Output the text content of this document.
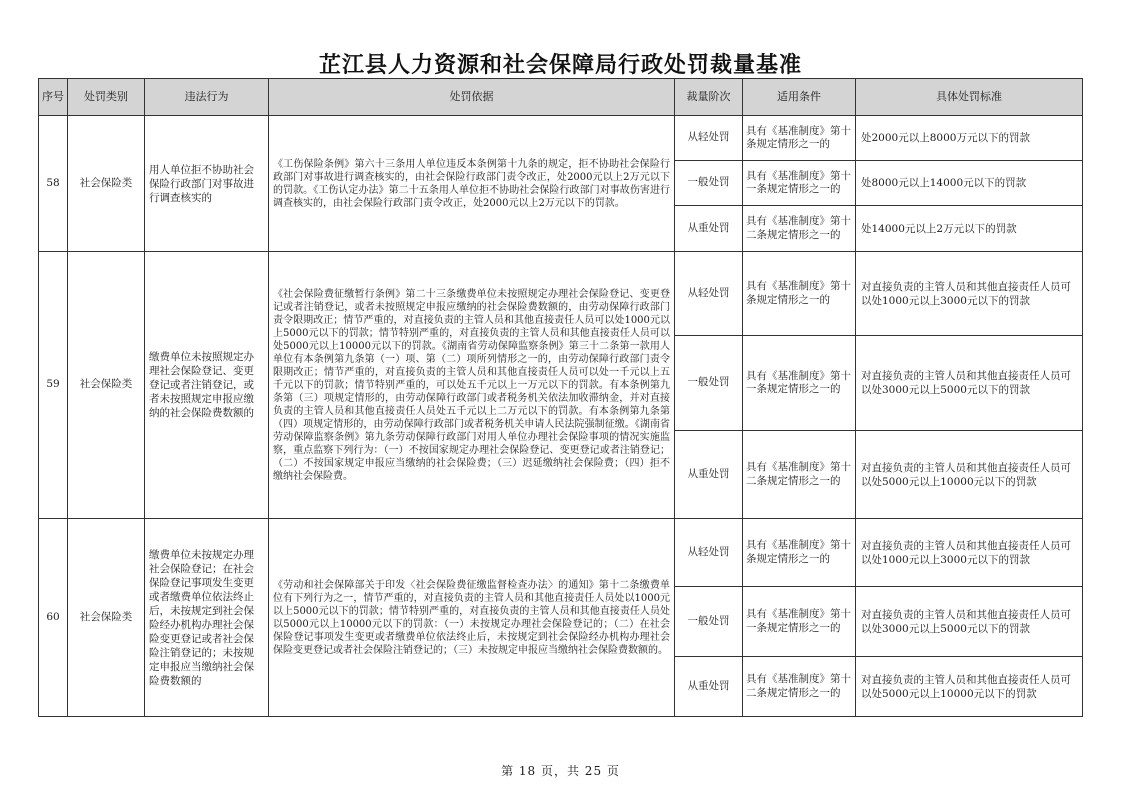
芷江县人力资源和社会保障局行政处罚裁量基准
序号	处罚类别	违法行为	处罚依据	裁量阶次	适用条件	具体处罚标准
58	社会保险类	用人单位拒不协助社会保险行政部门对事故进行调查核实的	《工伤保险条例》第六十三条用人单位违反本条例第十九条的规定，拒不协助社会保险行政部门对事故进行调查核实的，由社会保险行政部门责令改正，处2000元以上2万元以下的罚款。《工伤认定办法》第二十五条用人单位拒不协助社会保险行政部门对事故伤害进行调查核实的，由社会保险行政部门责令改正，处2000元以上2万元以下的罚款。	从轻处罚	具有《基准制度》第十条规定情形之一的	处2000元以上8000万元以下的罚款
				一般处罚	具有《基准制度》第十一条规定情形之一的	处8000元以上14000元以下的罚款
				从重处罚	具有《基准制度》第十二条规定情形之一的	处14000元以上2万元以下的罚款
59	社会保险类	缴费单位未按照规定办理社会保险登记、变更登记或者注销登记，或者未按照规定申报应缴纳的社会保险费数额的	《社会保险费征缴暂行条例》第二十三条缴费单位未按照规定办理社会保险登记、变更登记或者注销登记，或者未按照规定申报应缴纳的社会保险费数额的，由劳动保障行政部门责令限期改正；情节严重的，对直接负责的主管人员和其他直接责任人员可以处1000元以上5000元以下的罚款；情节特别严重的，对直接负责的主管人员和其他直接责任人员可以处5000元以上10000元以下的罚款。《湖南省劳动保障监察条例》第三十二条第一款用人单位有本条例第九条第（一）项、第（二）项所列情形之一的，由劳动保障行政部门责令限期改正；情节严重的，对直接负责的主管人员和其他直接责任人员可以处一千元以上五千元以下的罚款；情节特别严重的，可以处五千元以上一万元以下的罚款。有本条例第九条第（三）项规定情形的，由劳动保障行政部门或者税务机关依法加收滞纳金，并对直接负责的主管人员和其他直接责任人员处五千元以上二万元以下的罚款。有本条例第九条第（四）项规定情形的，由劳动保障行政部门或者税务机关申请人民法院强制征缴。《湖南省劳动保障监察条例》第九条劳动保障行政部门对用人单位办理社会保险事项的情况实施监察，重点监察下列行为：（一）不按国家规定办理社会保险登记、变更登记或者注销登记；（二）不按国家规定申报应当缴纳的社会保险费；（三）迟延缴纳社会保险费；（四）拒不缴纳社会保险费。	从轻处罚	具有《基准制度》第十条规定情形之一的	对直接负责的主管人员和其他直接责任人员可以处1000元以上3000元以下的罚款
				一般处罚	具有《基准制度》第十一条规定情形之一的	对直接负责的主管人员和其他直接责任人员可以处3000元以上5000元以下的罚款
				从重处罚	具有《基准制度》第十二条规定情形之一的	对直接负责的主管人员和其他直接责任人员可以处5000元以上10000元以下的罚款
60	社会保险类	缴费单位未按规定办理社会保险登记；在社会保险登记事项发生变更或者缴费单位依法终止后，未按规定到社会保险经办机构办理社会保险变更登记或者社会保险注销登记的；未按规定申报应当缴纳社会保险费数额的	《劳动和社会保障部关于印发〈社会保险费征缴监督检查办法〉的通知》第十二条缴费单位有下列行为之一，情节严重的，对直接负责的主管人员和其他直接责任人员处以1000元以上5000元以下的罚款；情节特别严重的，对直接负责的主管人员和其他直接责任人员处以5000元以上10000元以下的罚款：（一）未按规定办理社会保险登记的；（二）在社会保险登记事项发生变更或者缴费单位依法终止后，未按规定到社会保险经办机构办理社会保险变更登记或者社会保险注销登记的；（三）未按规定申报应当缴纳社会保险费数额的。	从轻处罚	具有《基准制度》第十条规定情形之一的	对直接负责的主管人员和其他直接责任人员可以处1000元以上3000元以下的罚款
				一般处罚	具有《基准制度》第十一条规定情形之一的	对直接负责的主管人员和其他直接责任人员可以处3000元以上5000元以下的罚款
				从重处罚	具有《基准制度》第十二条规定情形之一的	对直接负责的主管人员和其他直接责任人员可以处5000元以上10000元以下的罚款
第 18 页，共 25 页
